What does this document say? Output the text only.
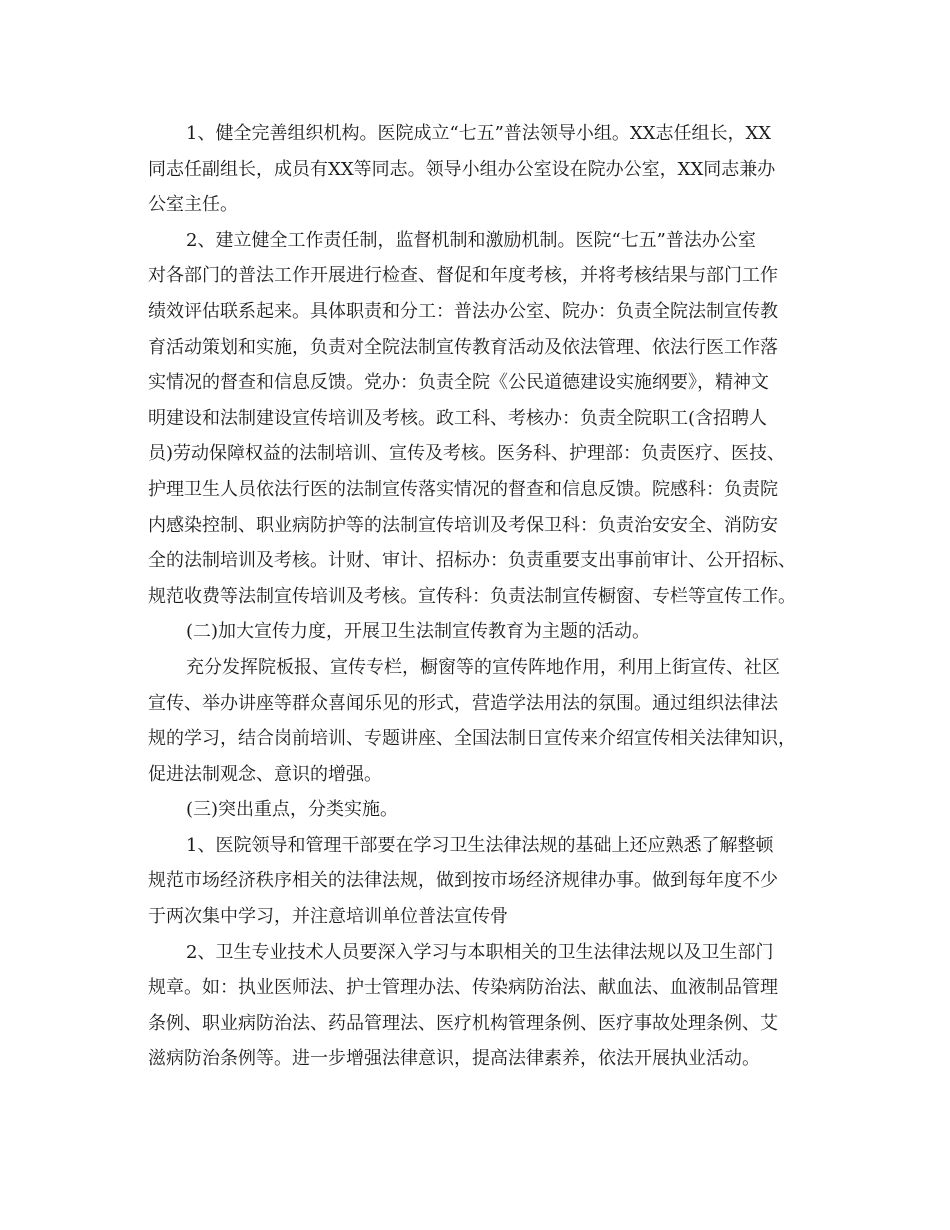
1、健全完善组织机构。医院成立“七五”普法领导小组。XX志任组长，XX
同志任副组长，成员有XX等同志。领导小组办公室设在院办公室，XX同志兼办
公室主任。
2、建立健全工作责任制，监督机制和激励机制。医院“七五”普法办公室
对各部门的普法工作开展进行检查、督促和年度考核，并将考核结果与部门工作
绩效评估联系起来。具体职责和分工：普法办公室、院办：负责全院法制宣传教
育活动策划和实施，负责对全院法制宣传教育活动及依法管理、依法行医工作落
实情况的督查和信息反馈。党办：负责全院《公民道德建设实施纲要》，精神文
明建设和法制建设宣传培训及考核。政工科、考核办：负责全院职工(含招聘人
员)劳动保障权益的法制培训、宣传及考核。医务科、护理部：负责医疗、医技、
护理卫生人员依法行医的法制宣传落实情况的督查和信息反馈。院感科：负责院
内感染控制、职业病防护等的法制宣传培训及考保卫科：负责治安安全、消防安
全的法制培训及考核。计财、审计、招标办：负责重要支出事前审计、公开招标、
规范收费等法制宣传培训及考核。宣传科：负责法制宣传橱窗、专栏等宣传工作。
(二)加大宣传力度，开展卫生法制宣传教育为主题的活动。
充分发挥院板报、宣传专栏，橱窗等的宣传阵地作用，利用上街宣传、社区
宣传、举办讲座等群众喜闻乐见的形式，营造学法用法的氛围。通过组织法律法
规的学习，结合岗前培训、专题讲座、全国法制日宣传来介绍宣传相关法律知识，
促进法制观念、意识的增强。
(三)突出重点，分类实施。
1、医院领导和管理干部要在学习卫生法律法规的基础上还应熟悉了解整顿
规范市场经济秩序相关的法律法规，做到按市场经济规律办事。做到每年度不少
于两次集中学习，并注意培训单位普法宣传骨
2、卫生专业技术人员要深入学习与本职相关的卫生法律法规以及卫生部门
规章。如：执业医师法、护士管理办法、传染病防治法、献血法、血液制品管理
条例、职业病防治法、药品管理法、医疗机构管理条例、医疗事故处理条例、艾
滋病防治条例等。进一步增强法律意识，提高法律素养，依法开展执业活动。
